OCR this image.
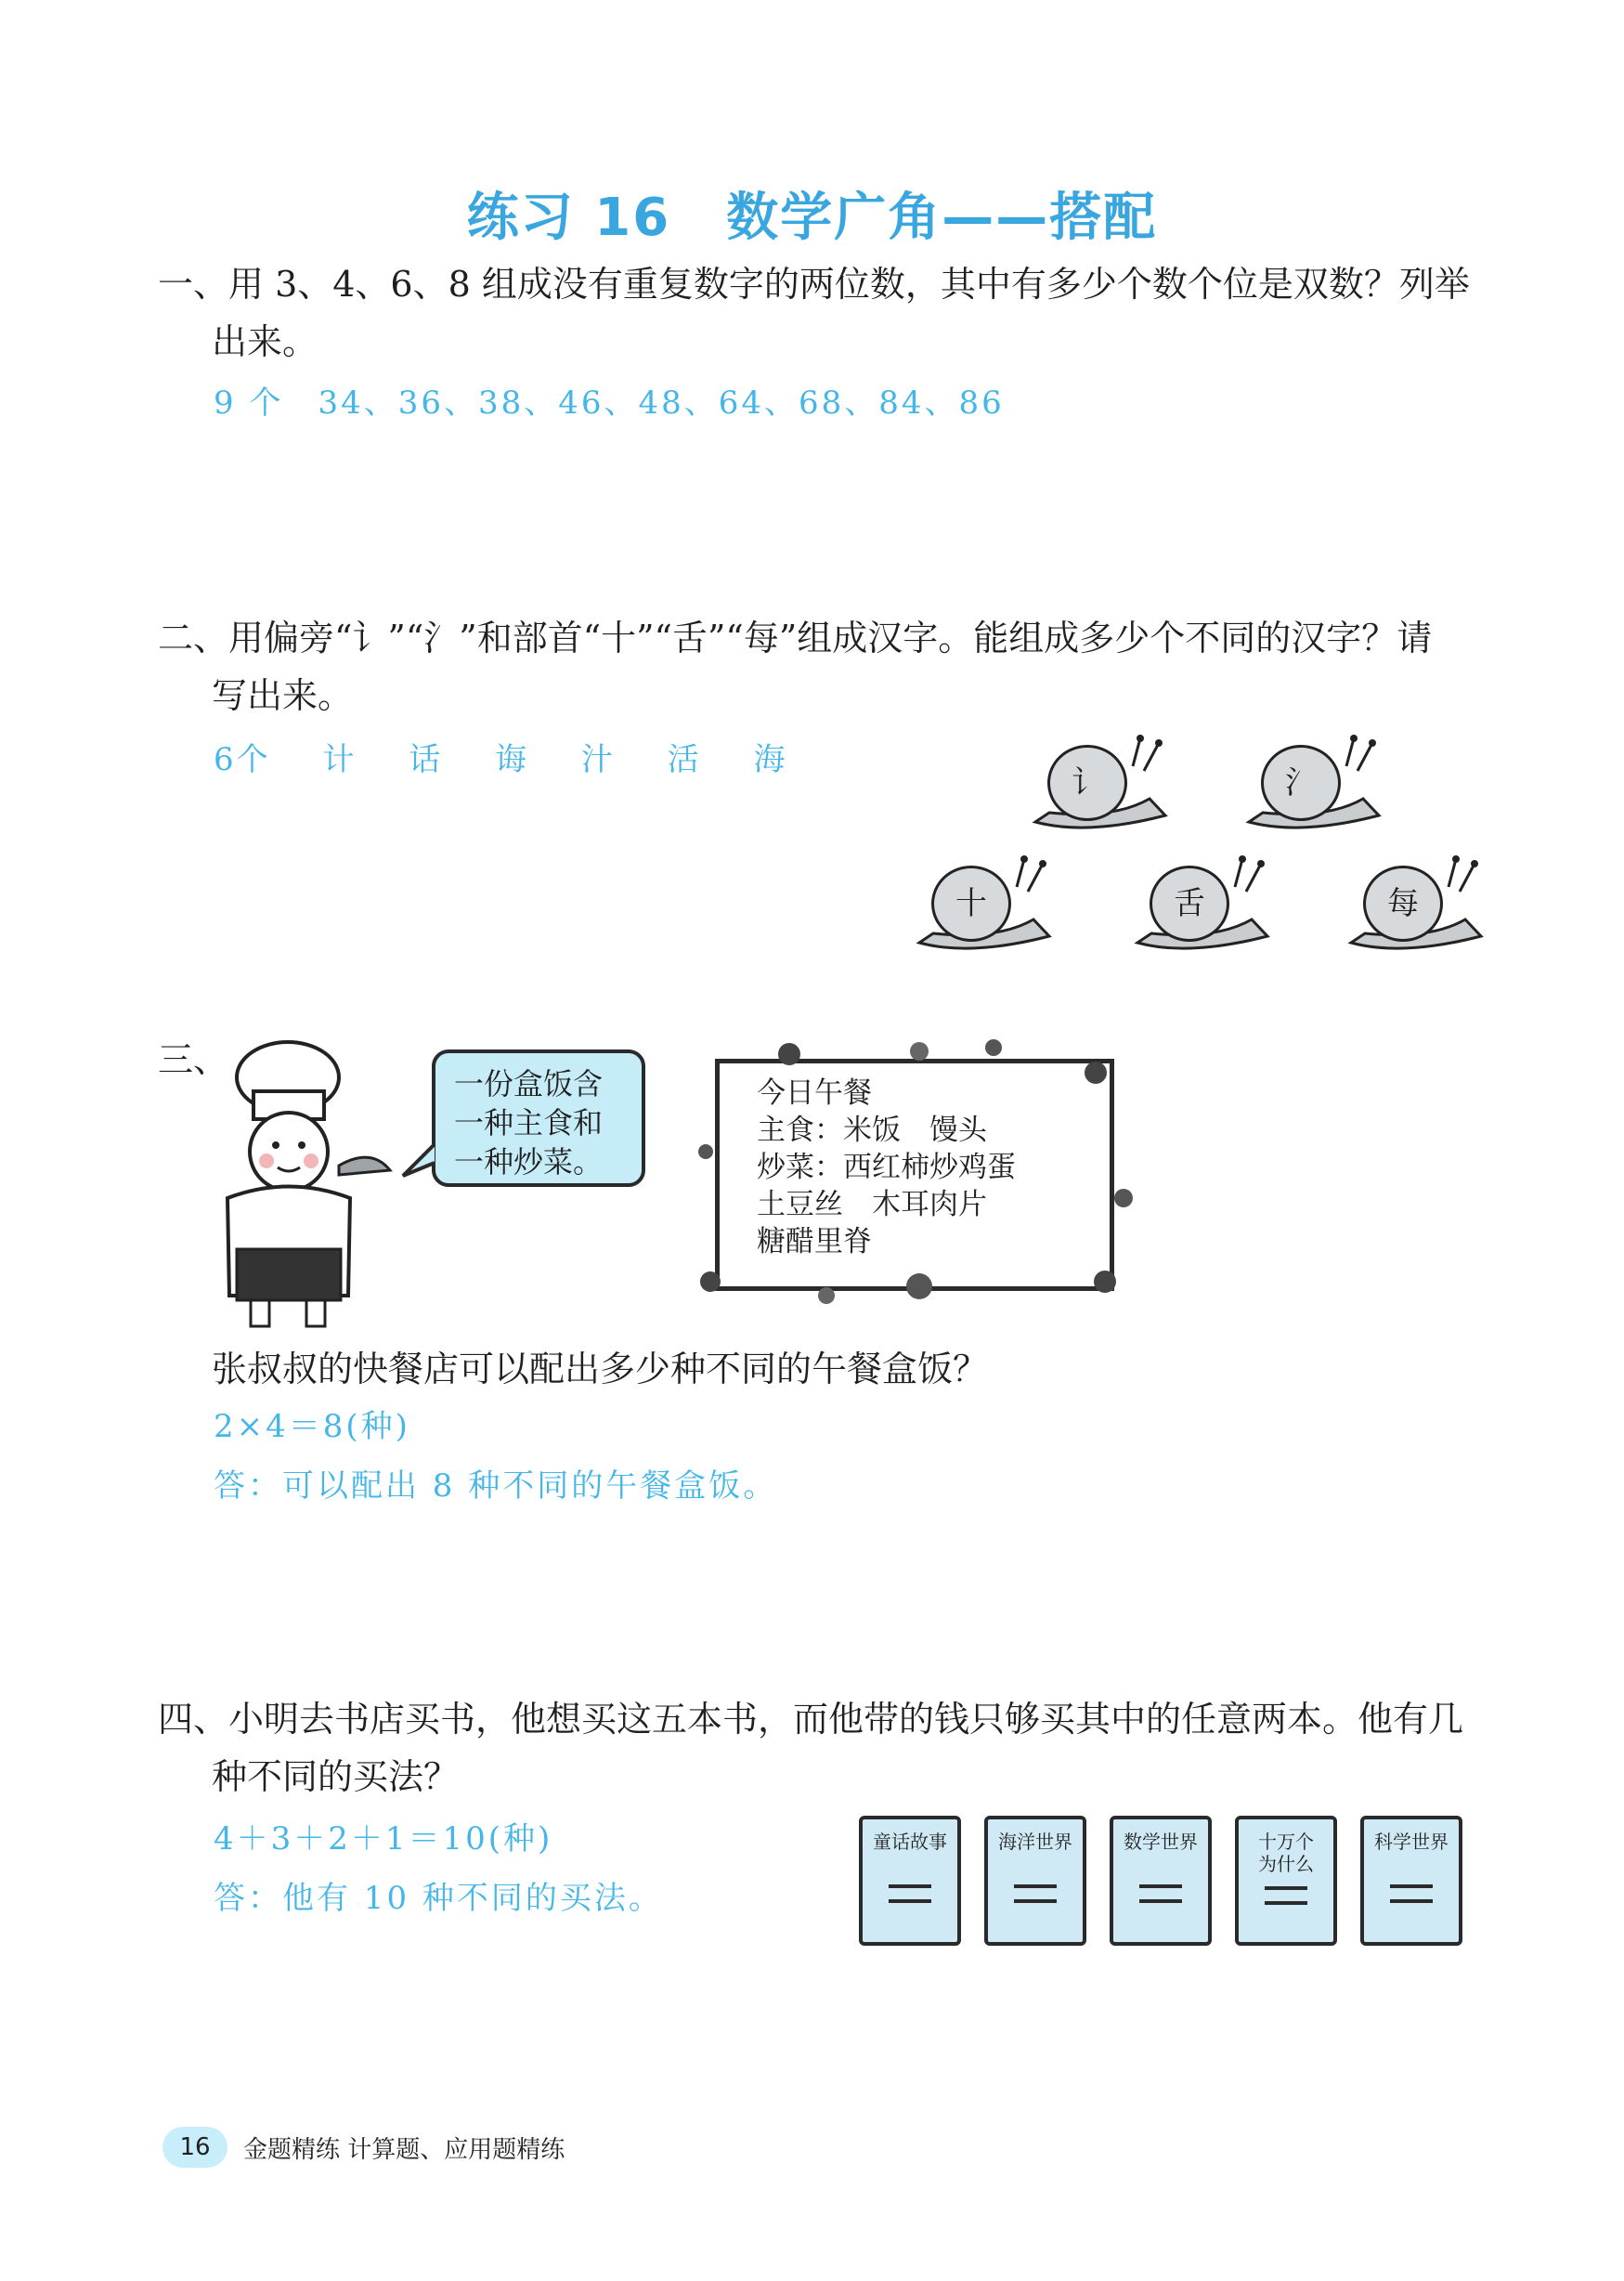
练习 16 数学广角——搭配
一、用 3、4、6、8 组成没有重复数字的两位数，其中有多少个数个位是双数？列举
出来。
9 个　34、36、38、46、48、64、68、84、86
二、用偏旁“讠”“氵”和部首“十”“舌”“每”组成汉字。能组成多少个不同的汉字？请
写出来。
6个 计 话 诲 汁 活 海
讠	氵
十	舌	每
三、
一份盒饭含
一种主食和
一种炒菜。
今日午餐
主食：米饭　馒头
炒菜：西红柿炒鸡蛋
土豆丝　木耳肉片
糖醋里脊
张叔叔的快餐店可以配出多少种不同的午餐盒饭？
2×4＝8(种)
答：可以配出 8 种不同的午餐盒饭。
四、小明去书店买书，他想买这五本书，而他带的钱只够买其中的任意两本。他有几
种不同的买法？
4＋3＋2＋1＝10(种)
答：他有 10 种不同的买法。
童话故事	海洋世界	数学世界	十万个为什么
科学世界
16	金题精练 计算题、应用题精练
